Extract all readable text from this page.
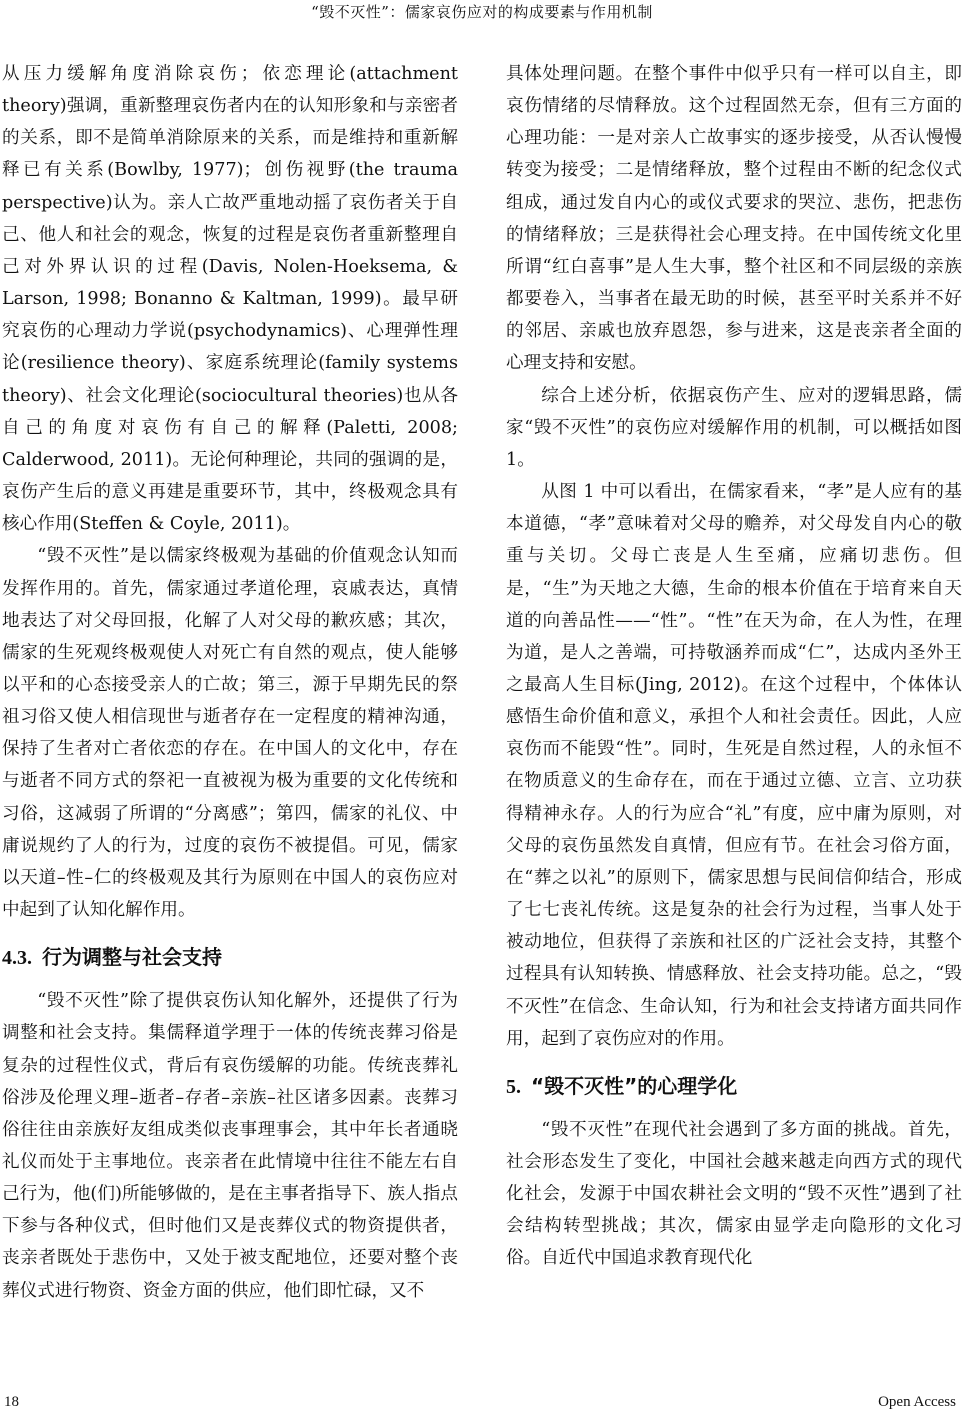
“毁不灭性”：儒家哀伤应对的构成要素与作用机制

从压力缓解角度消除哀伤；依恋理论(attachment theory)强调，重新整理哀伤者内在的认知形象和与亲密者的关系，即不是简单消除原来的关系，而是维持和重新解释已有关系(Bowlby, 1977)；创伤视野(the trauma perspective)认为。亲人亡故严重地动摇了哀伤者关于自己、他人和社会的观念，恢复的过程是哀伤者重新整理自己对外界认识的过程(Davis, Nolen-Hoeksema, & Larson, 1998; Bonanno & Kaltman, 1999)。最早研究哀伤的心理动力学说(psychodynamics)、心理弹性理论(resilience theory)、家庭系统理论(family systems theory)、社会文化理论(sociocultural theories)也从各自己的角度对哀伤有自己的解释(Paletti, 2008; Calderwood, 2011)。无论何种理论，共同的强调的是，哀伤产生后的意义再建是重要环节，其中，终极观念具有核心作用(Steffen & Coyle, 2011)。

“毁不灭性”是以儒家终极观为基础的价值观念认知而发挥作用的。首先，儒家通过孝道伦理，哀戚表达，真情地表达了对父母回报，化解了人对父母的歉疚感；其次，儒家的生死观终极观使人对死亡有自然的观点，使人能够以平和的心态接受亲人的亡故；第三，源于早期先民的祭祖习俗又使人相信现世与逝者存在一定程度的精神沟通，保持了生者对亡者依恋的存在。在中国人的文化中，存在与逝者不同方式的祭祀一直被视为极为重要的文化传统和习俗，这减弱了所谓的“分离感”；第四，儒家的礼仪、中庸说规约了人的行为，过度的哀伤不被提倡。可见，儒家以天道–性–仁的终极观及其行为原则在中国人的哀伤应对中起到了认知化解作用。

4.3. 行为调整与社会支持

“毁不灭性”除了提供哀伤认知化解外，还提供了行为调整和社会支持。集儒释道学理于一体的传统丧葬习俗是复杂的过程性仪式，背后有哀伤缓解的功能。传统丧葬礼俗涉及伦理义理–逝者–存者–亲族–社区诸多因素。丧葬习俗往往由亲族好友组成类似丧事理事会，其中年长者通晓礼仪而处于主事地位。丧亲者在此情境中往往不能左右自己行为，他(们)所能够做的，是在主事者指导下、族人指点下参与各种仪式，但时他们又是丧葬仪式的物资提供者，丧亲者既处于悲伤中，又处于被支配地位，还要对整个丧葬仪式进行物资、资金方面的供应，他们即忙碌，又不

具体处理问题。在整个事件中似乎只有一样可以自主，即哀伤情绪的尽情释放。这个过程固然无奈，但有三方面的心理功能：一是对亲人亡故事实的逐步接受，从否认慢慢转变为接受；二是情绪释放，整个过程由不断的纪念仪式组成，通过发自内心的或仪式要求的哭泣、悲伤，把悲伤的情绪释放；三是获得社会心理支持。在中国传统文化里所谓“红白喜事”是人生大事，整个社区和不同层级的亲族都要卷入，当事者在最无助的时候，甚至平时关系并不好的邻居、亲戚也放弃恩怨，参与进来，这是丧亲者全面的心理支持和安慰。

综合上述分析，依据哀伤产生、应对的逻辑思路，儒家“毁不灭性”的哀伤应对缓解作用的机制，可以概括如图 1。

从图 1 中可以看出，在儒家看来，“孝”是人应有的基本道德，“孝”意味着对父母的赡养，对父母发自内心的敬重与关切。父母亡丧是人生至痛，应痛切悲伤。但是，“生”为天地之大德，生命的根本价值在于培育来自天道的向善品性——“性”。“性”在天为命，在人为性，在理为道，是人之善端，可持敬涵养而成“仁”，达成内圣外王之最高人生目标(Jing, 2012)。在这个过程中，个体体认感悟生命价值和意义，承担个人和社会责任。因此，人应哀伤而不能毁“性”。同时，生死是自然过程，人的永恒不在物质意义的生命存在，而在于通过立德、立言、立功获得精神永存。人的行为应合“礼”有度，应中庸为原则，对父母的哀伤虽然发自真情，但应有节。在社会习俗方面，在“葬之以礼”的原则下，儒家思想与民间信仰结合，形成了七七丧礼传统。这是复杂的社会行为过程，当事人处于被动地位，但获得了亲族和社区的广泛社会支持，其整个过程具有认知转换、情感释放、社会支持功能。总之，“毁不灭性”在信念、生命认知，行为和社会支持诸方面共同作用，起到了哀伤应对的作用。

5. “毁不灭性”的心理学化

“毁不灭性”在现代社会遇到了多方面的挑战。首先，社会形态发生了变化，中国社会越来越走向西方式的现代化社会，发源于中国农耕社会文明的“毁不灭性”遇到了社会结构转型挑战；其次，儒家由显学走向隐形的文化习俗。自近代中国追求教育现代化

18	Open Access
